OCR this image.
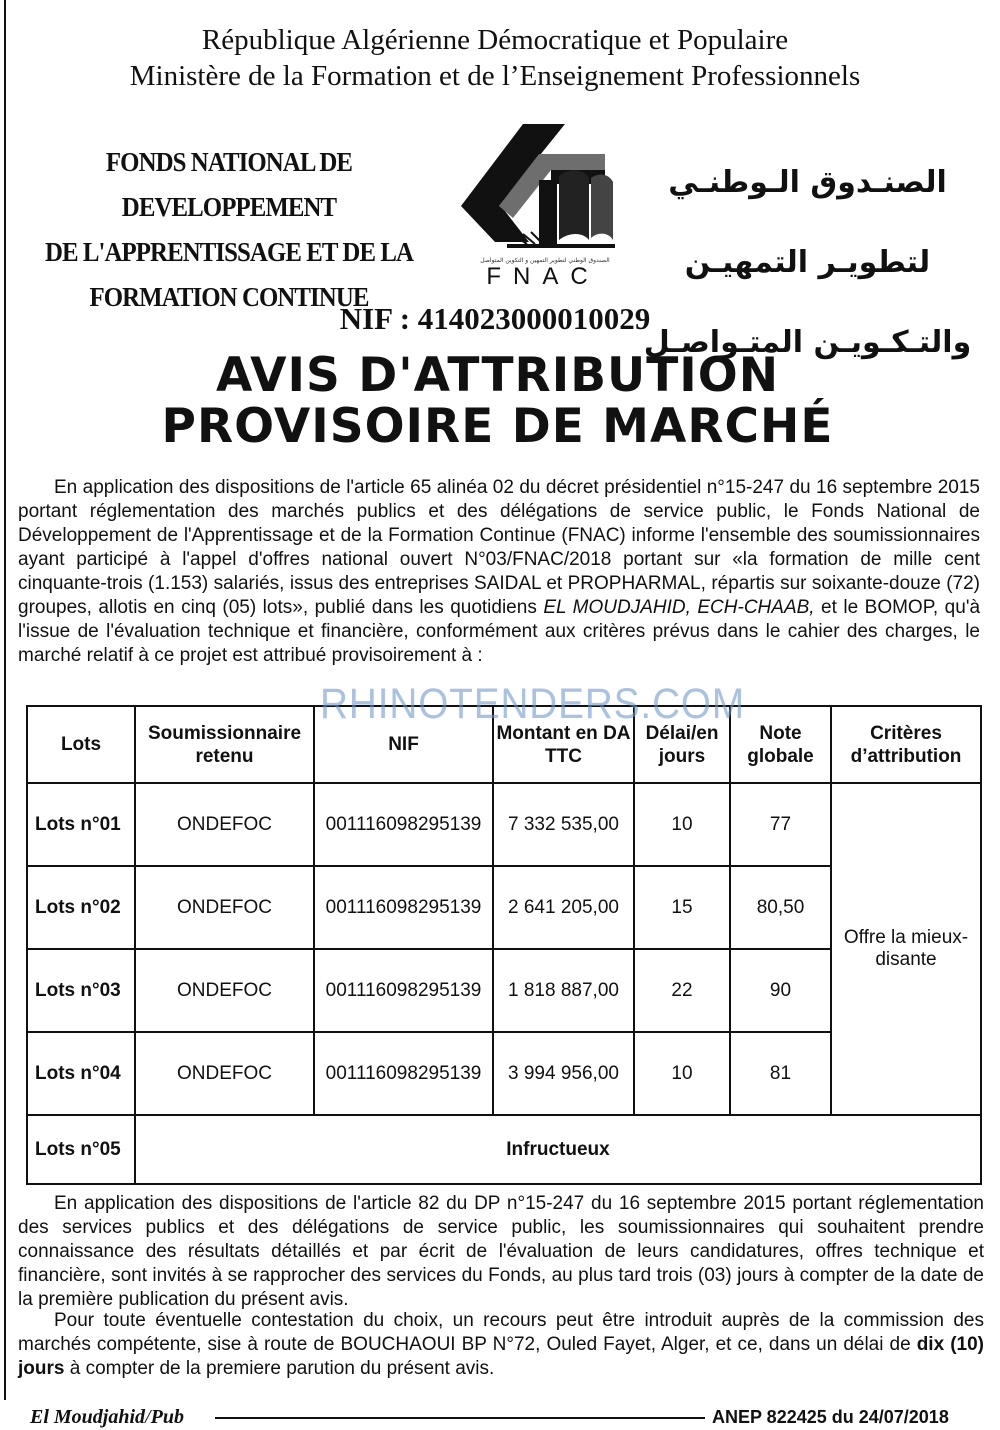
République Algérienne Démocratique et Populaire
Ministère de la Formation et de l’Enseignement Professionnels
FONDS NATIONAL DE DEVELOPPEMENT
DE L'APPRENTISSAGE ET DE LA
FORMATION CONTINUE
الصندوق الوطني لتطوير التمهين و التكوين المتواصل
FNAC
الصنـدوق الـوطنـي لتطويـر التمهيـن
والتـكـويـن المتـواصـل
NIF : 414023000010029
AVIS D'ATTRIBUTION
PROVISOIRE DE MARCHÉ
En application des dispositions de l'article 65 alinéa 02 du décret présidentiel n°15-247 du 16 septembre 2015 portant réglementation des marchés publics et des délégations de service public, le Fonds National de Développement de l'Apprentissage et de la Formation Continue (FNAC) informe l'ensemble des soumissionnaires ayant participé à l'appel d'offres national ouvert N°03/FNAC/2018 portant sur «la formation de mille cent cinquante-trois (1.153) salariés, issus des entreprises SAIDAL et PROPHARMAL, répartis sur soixante-douze (72) groupes, allotis en cinq (05) lots», publié dans les quotidiens EL MOUDJAHID, ECH-CHAAB, et le BOMOP, qu'à l'issue de l'évaluation technique et financière, conformément aux critères prévus dans le cahier des charges, le marché relatif à ce projet est attribué provisoirement à :
Lots	Soumissionnaire retenu	NIF	Montant en DA TTC	Délai/en jours	Note globale	Critères d’attribution
Lots n°01	ONDEFOC	001116098295139	7 332 535,00	10	77	Offre la mieux-disante
Lots n°02	ONDEFOC	001116098295139	2 641 205,00	15	80,50	
Lots n°03	ONDEFOC	001116098295139	1 818 887,00	22	90	
Lots n°04	ONDEFOC	001116098295139	3 994 956,00	10	81	
Lots n°05	Infructueux					
RHINOTENDERS.COM
En application des dispositions de l'article 82 du DP n°15-247 du 16 septembre 2015 portant réglementation des services publics et des délégations de service public, les soumissionnaires qui souhaitent prendre connaissance des résultats détaillés et par écrit de l'évaluation de leurs candidatures, offres technique et financière, sont invités à se rapprocher des services du Fonds, au plus tard trois (03) jours à compter de la date de la première publication du présent avis.
Pour toute éventuelle contestation du choix, un recours peut être introduit auprès de la commission des marchés compétente, sise à route de BOUCHAOUI BP N°72, Ouled Fayet, Alger, et ce, dans un délai de dix (10) jours à compter de la premiere parution du présent avis.
El Moudjahid/Pub	ANEP 822425 du 24/07/2018
